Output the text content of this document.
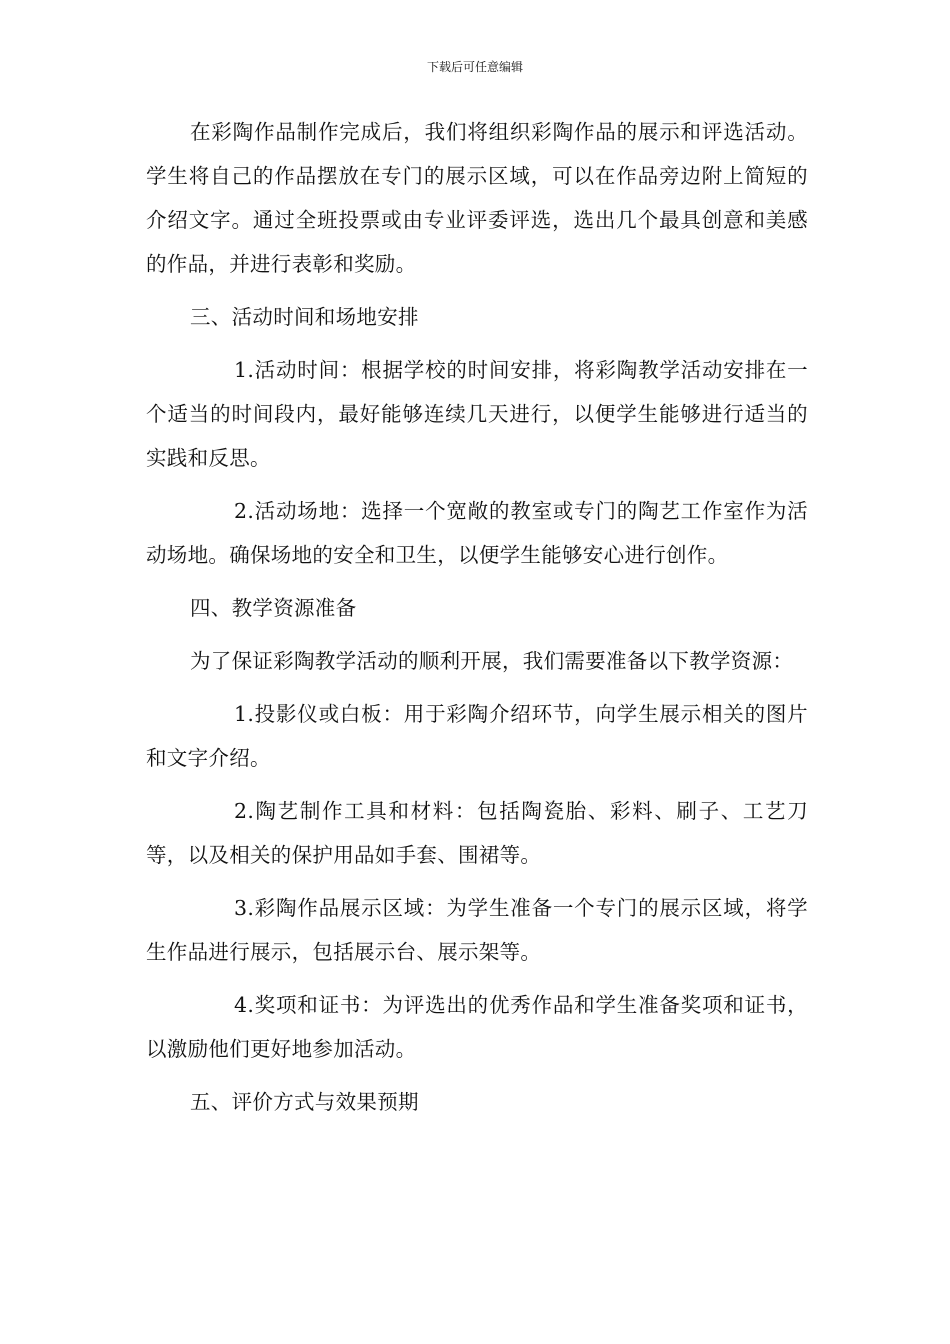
下载后可任意编辑

在彩陶作品制作完成后，我们将组织彩陶作品的展示和评选活动。学生将自己的作品摆放在专门的展示区域，可以在作品旁边附上简短的介绍文字。通过全班投票或由专业评委评选，选出几个最具创意和美感的作品，并进行表彰和奖励。

三、活动时间和场地安排

1.活动时间：根据学校的时间安排，将彩陶教学活动安排在一个适当的时间段内，最好能够连续几天进行，以便学生能够进行适当的实践和反思。

2.活动场地：选择一个宽敞的教室或专门的陶艺工作室作为活动场地。确保场地的安全和卫生，以便学生能够安心进行创作。

四、教学资源准备

为了保证彩陶教学活动的顺利开展，我们需要准备以下教学资源：

1.投影仪或白板：用于彩陶介绍环节，向学生展示相关的图片和文字介绍。

2.陶艺制作工具和材料：包括陶瓷胎、彩料、刷子、工艺刀等，以及相关的保护用品如手套、围裙等。

3.彩陶作品展示区域：为学生准备一个专门的展示区域，将学生作品进行展示，包括展示台、展示架等。

4.奖项和证书：为评选出的优秀作品和学生准备奖项和证书，以激励他们更好地参加活动。

五、评价方式与效果预期
